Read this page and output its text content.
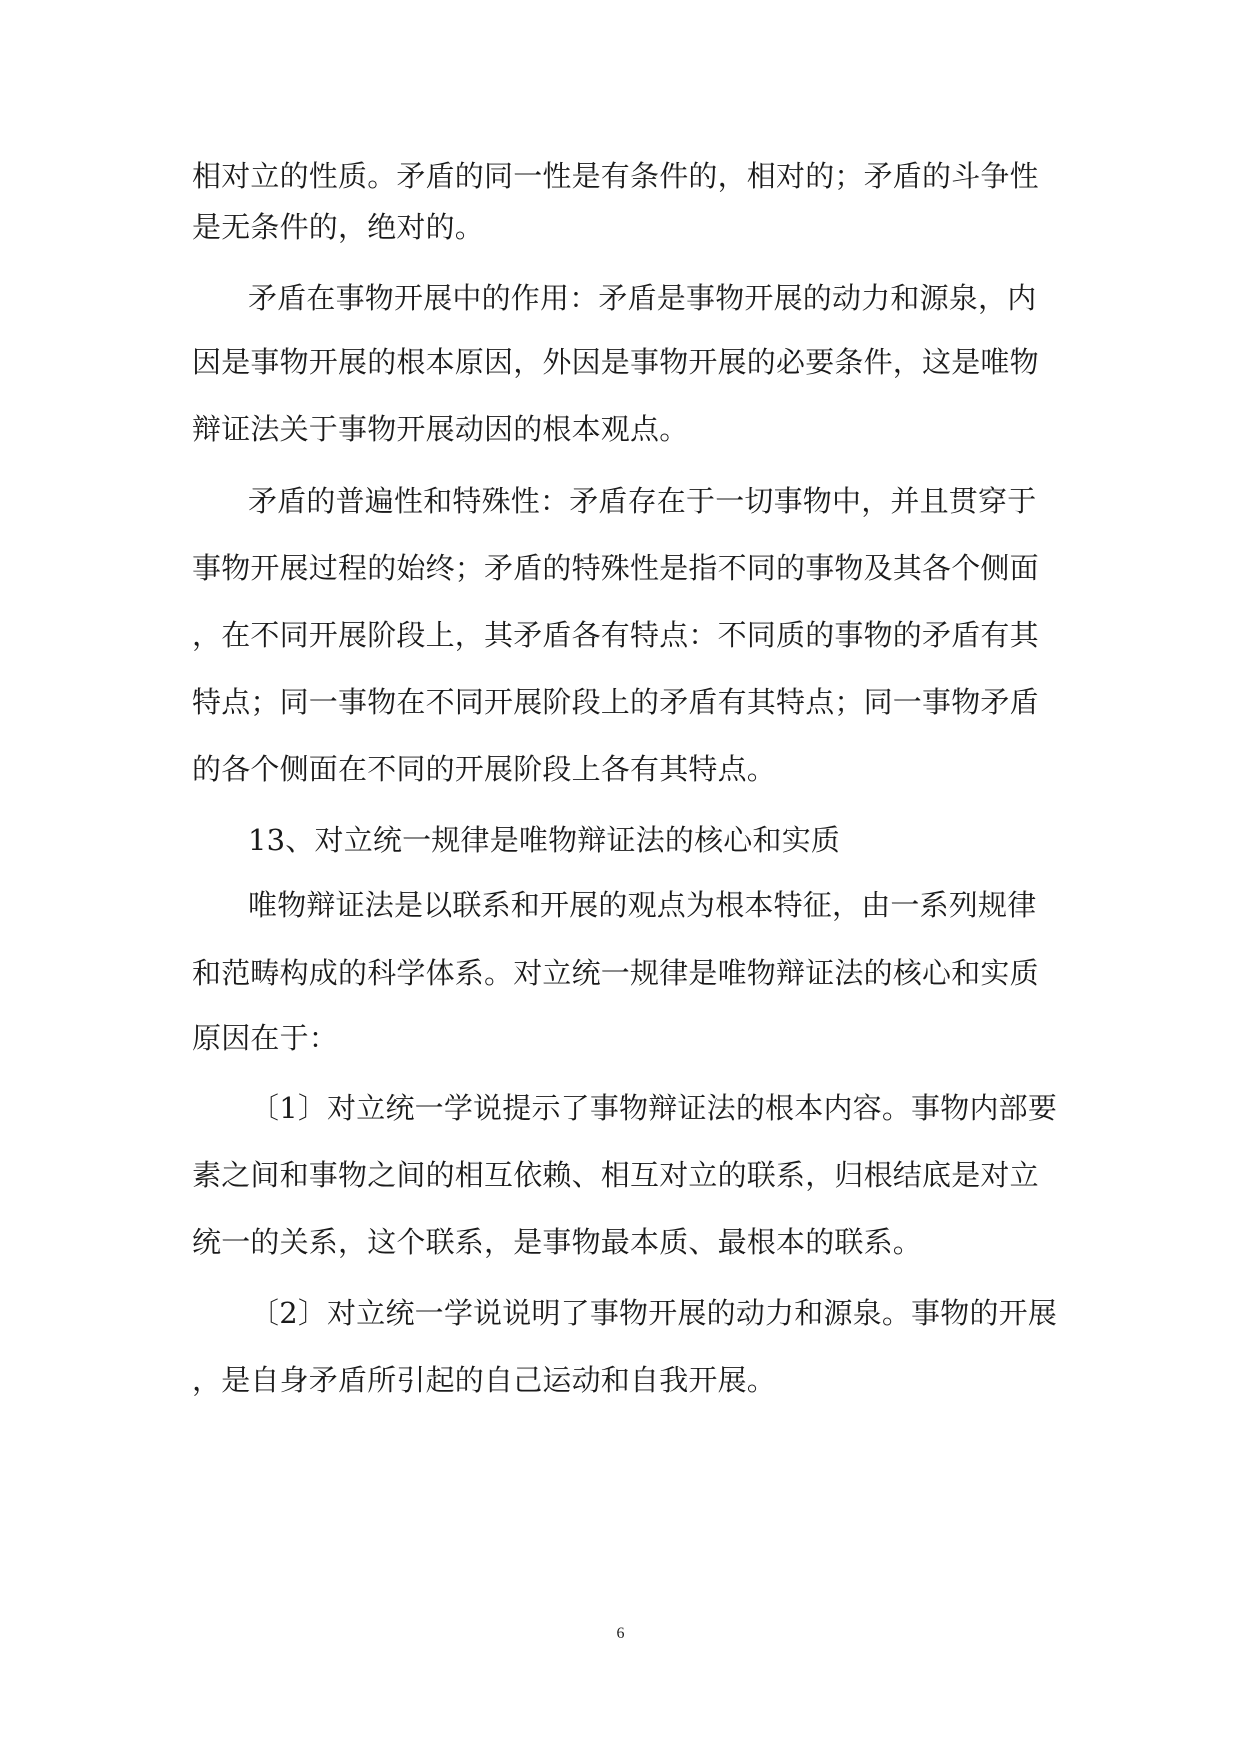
相对立的性质。矛盾的同一性是有条件的，相对的；矛盾的斗争性
是无条件的，绝对的。
矛盾在事物开展中的作用：矛盾是事物开展的动力和源泉，内
因是事物开展的根本原因，外因是事物开展的必要条件，这是唯物
辩证法关于事物开展动因的根本观点。
矛盾的普遍性和特殊性：矛盾存在于一切事物中，并且贯穿于
事物开展过程的始终；矛盾的特殊性是指不同的事物及其各个侧面
，在不同开展阶段上，其矛盾各有特点：不同质的事物的矛盾有其
特点；同一事物在不同开展阶段上的矛盾有其特点；同一事物矛盾
的各个侧面在不同的开展阶段上各有其特点。
13、对立统一规律是唯物辩证法的核心和实质
唯物辩证法是以联系和开展的观点为根本特征，由一系列规律
和范畴构成的科学体系。对立统一规律是唯物辩证法的核心和实质
原因在于：
〔1〕对立统一学说提示了事物辩证法的根本内容。事物内部要
素之间和事物之间的相互依赖、相互对立的联系，归根结底是对立
统一的关系，这个联系，是事物最本质、最根本的联系。
〔2〕对立统一学说说明了事物开展的动力和源泉。事物的开展
，是自身矛盾所引起的自己运动和自我开展。
6
